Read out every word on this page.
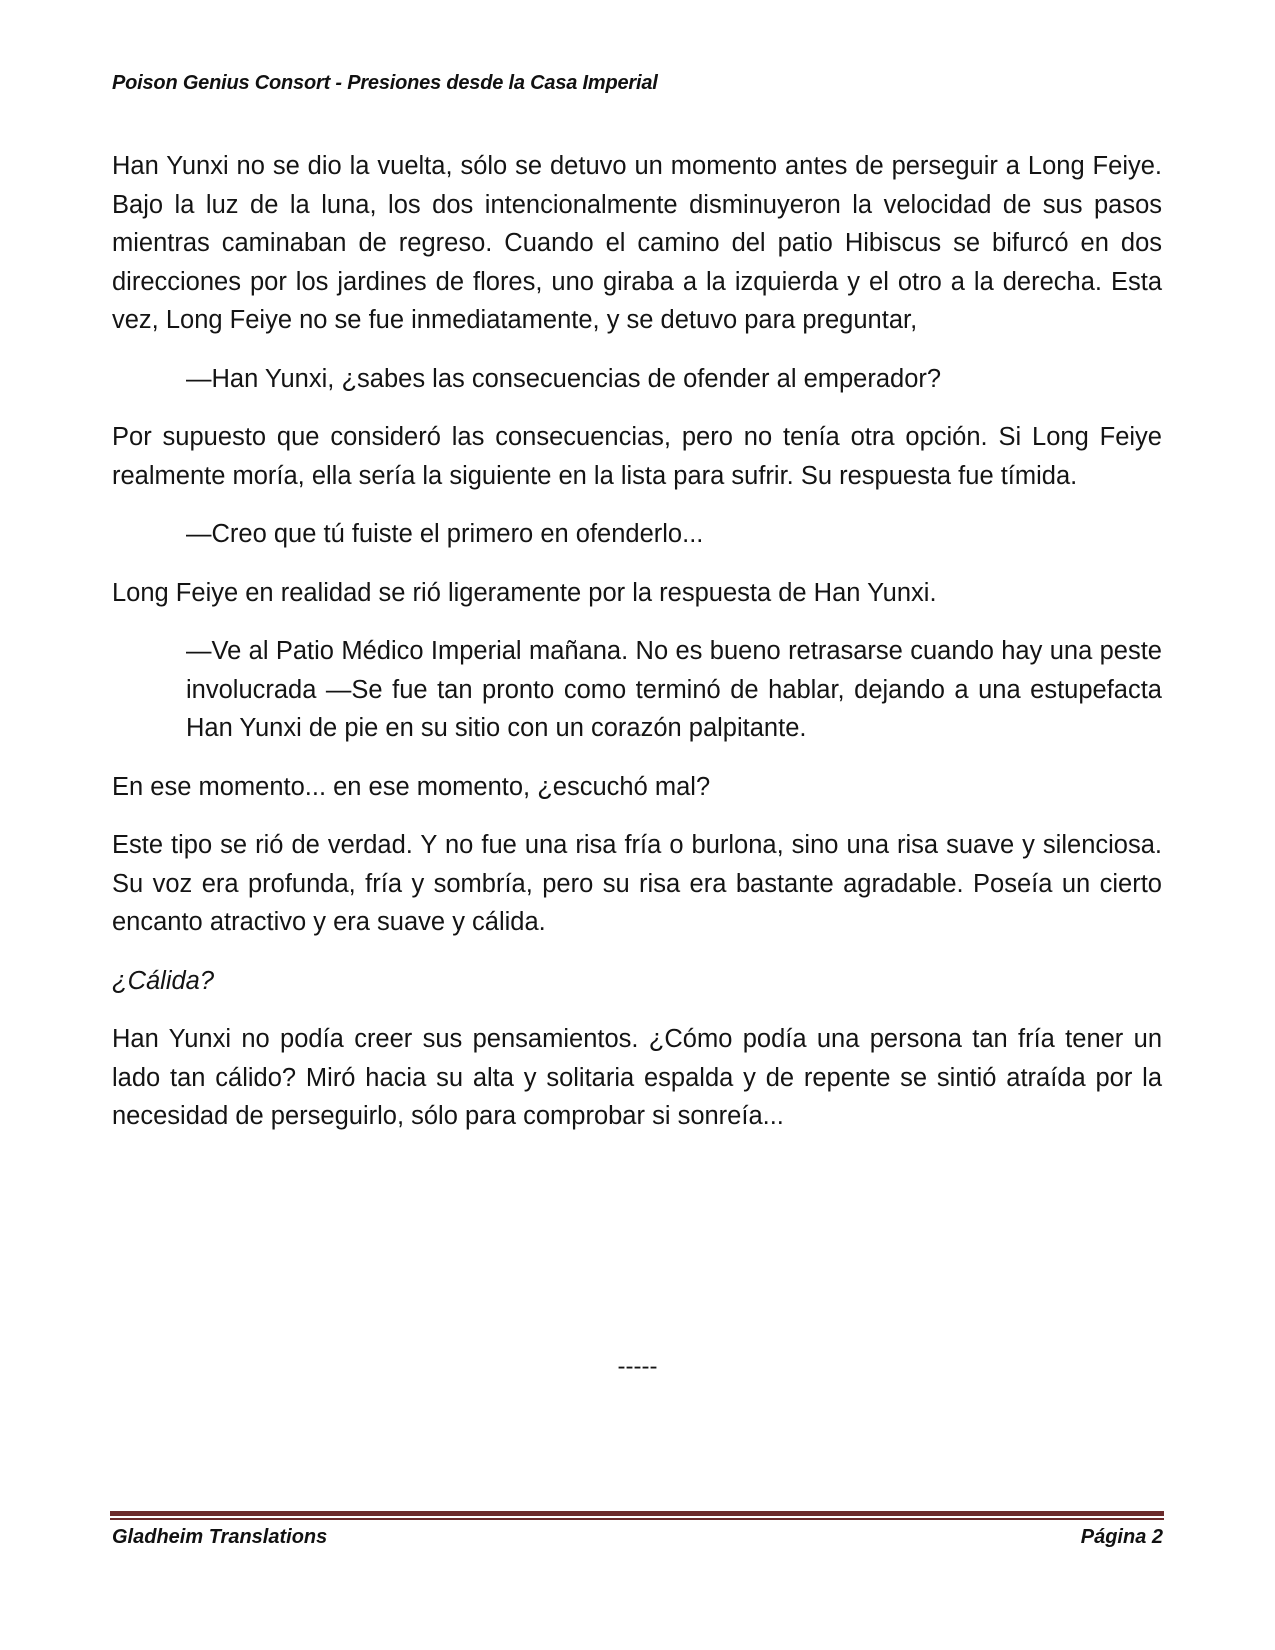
Poison Genius Consort - Presiones desde la Casa Imperial

Han Yunxi no se dio la vuelta, sólo se detuvo un momento antes de perseguir a Long Feiye. Bajo la luz de la luna, los dos intencionalmente disminuyeron la velocidad de sus pasos mientras caminaban de regreso. Cuando el camino del patio Hibiscus se bifurcó en dos direcciones por los jardines de flores, uno giraba a la izquierda y el otro a la derecha. Esta vez, Long Feiye no se fue inmediatamente, y se detuvo para preguntar,

—Han Yunxi, ¿sabes las consecuencias de ofender al emperador?

Por supuesto que consideró las consecuencias, pero no tenía otra opción. Si Long Feiye realmente moría, ella sería la siguiente en la lista para sufrir. Su respuesta fue tímida.

—Creo que tú fuiste el primero en ofenderlo...

Long Feiye en realidad se rió ligeramente por la respuesta de Han Yunxi.

—Ve al Patio Médico Imperial mañana. No es bueno retrasarse cuando hay una peste involucrada —Se fue tan pronto como terminó de hablar, dejando a una estupefacta Han Yunxi de pie en su sitio con un corazón palpitante.

En ese momento... en ese momento, ¿escuchó mal?

Este tipo se rió de verdad. Y no fue una risa fría o burlona, sino una risa suave y silenciosa. Su voz era profunda, fría y sombría, pero su risa era bastante agradable. Poseía un cierto encanto atractivo y era suave y cálida.

¿Cálida?

Han Yunxi no podía creer sus pensamientos. ¿Cómo podía una persona tan fría tener un lado tan cálido? Miró hacia su alta y solitaria espalda y de repente se sintió atraída por la necesidad de perseguirlo, sólo para comprobar si sonreía...

-----
Gladheim Translations	Página 2
